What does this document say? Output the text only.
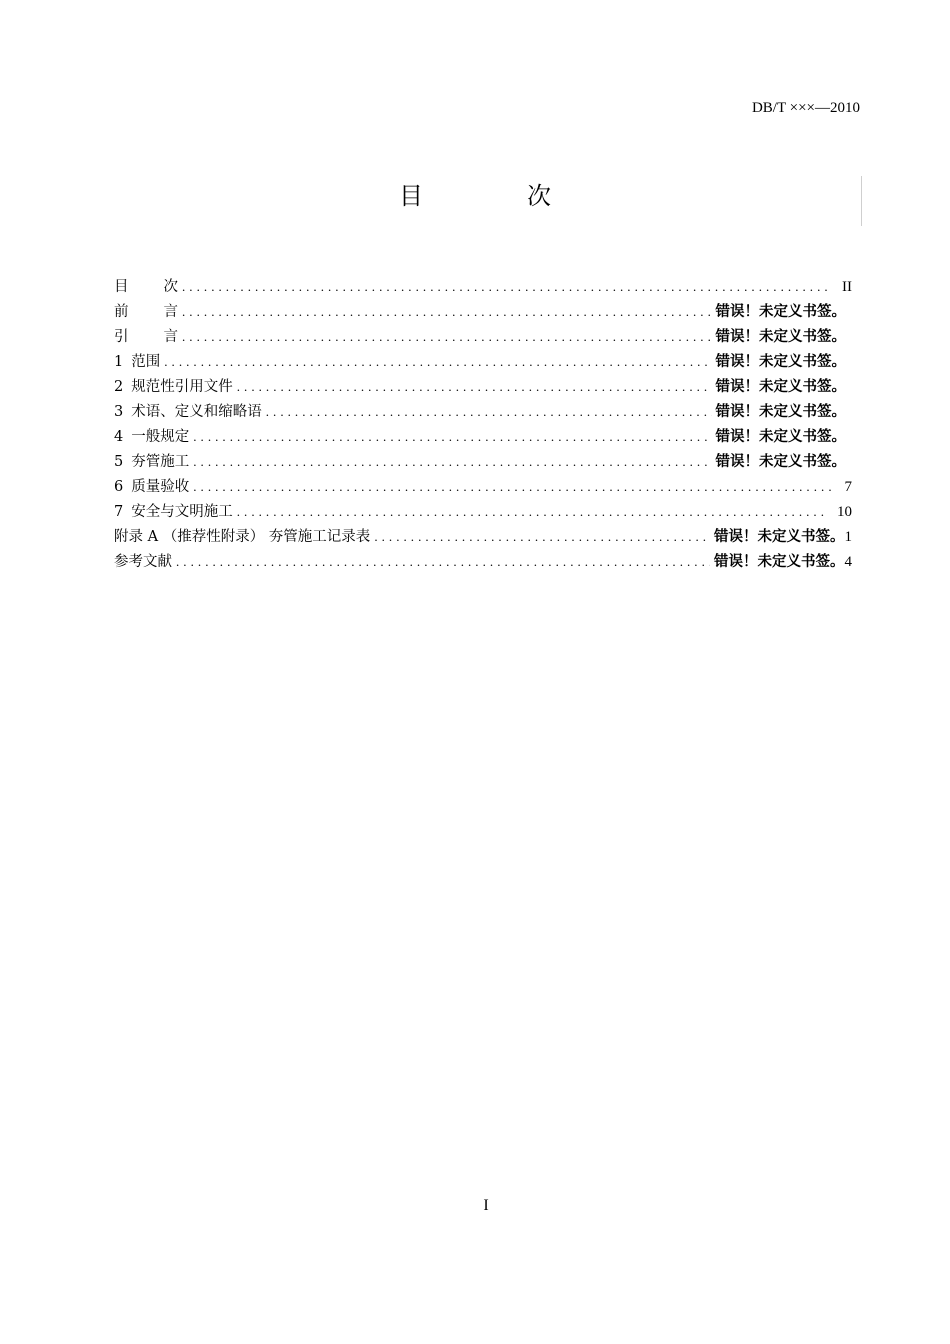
DB/T ×××—2010
目　次
目次 . . .	II
前言 . . .	错误！未定义书签。
引言 . . .	错误！未定义书签。
1 范围 . . .	错误！未定义书签。
2 规范性引用文件 . . .	错误！未定义书签。
3 术语、定义和缩略语 . . .	错误！未定义书签。
4 一般规定 . . .	错误！未定义书签。
5 夯管施工 . . .	错误！未定义书签。
6 质量验收 . . .	7
7 安全与文明施工 . . .	10
附录 A （推荐性附录） 夯管施工记录表 . . .	错误！未定义书签。1
参考文献 . . .	错误！未定义书签。4
I
